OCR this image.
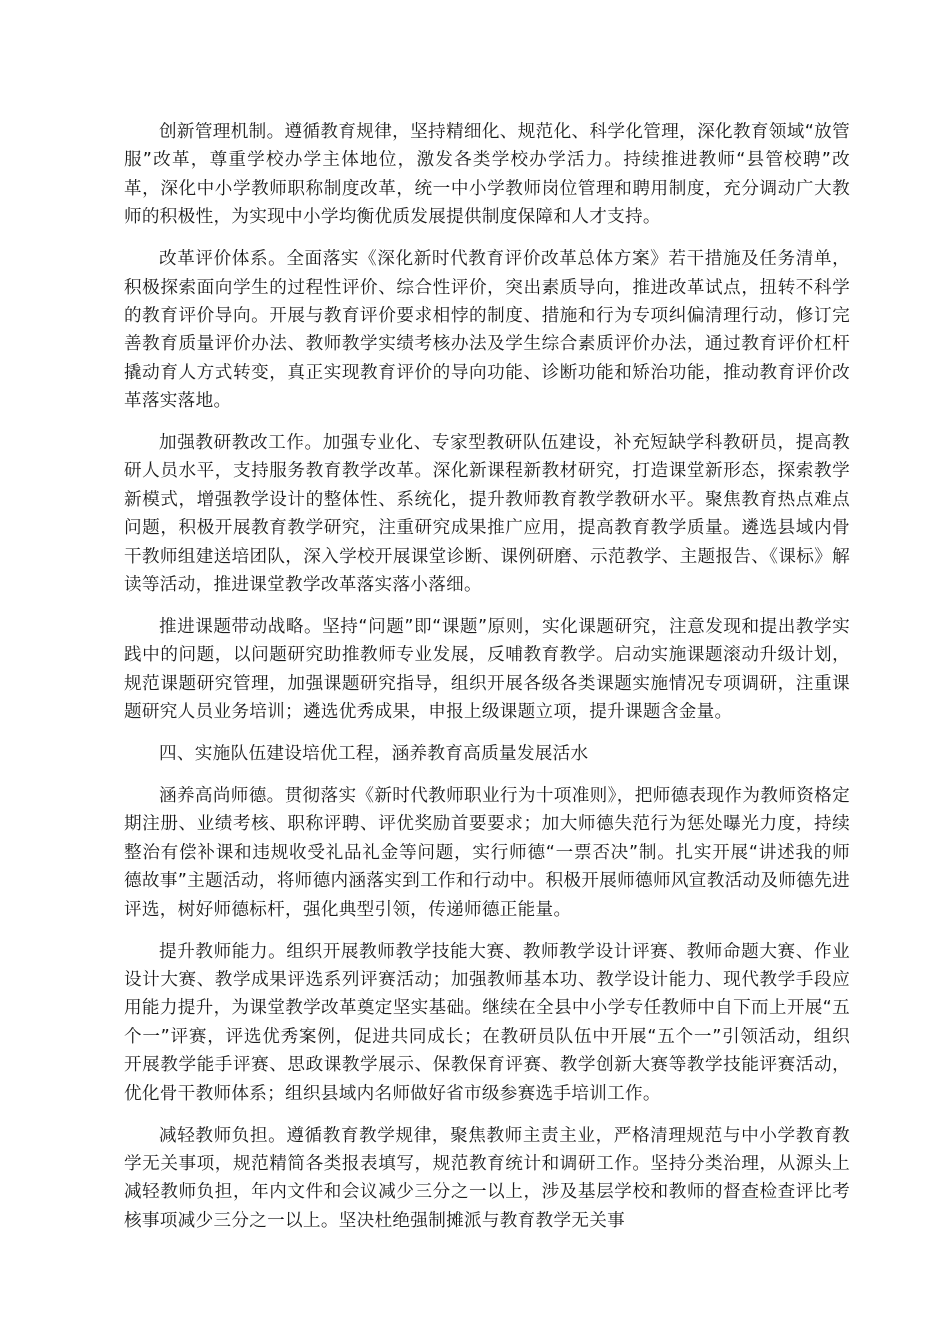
创新管理机制。遵循教育规律，坚持精细化、规范化、科学化管理，深化教育领域“放管服”改革，尊重学校办学主体地位，激发各类学校办学活力。持续推进教师“县管校聘”改革，深化中小学教师职称制度改革，统一中小学教师岗位管理和聘用制度，充分调动广大教师的积极性，为实现中小学均衡优质发展提供制度保障和人才支持。

改革评价体系。全面落实《深化新时代教育评价改革总体方案》若干措施及任务清单，积极探索面向学生的过程性评价、综合性评价，突出素质导向，推进改革试点，扭转不科学的教育评价导向。开展与教育评价要求相悖的制度、措施和行为专项纠偏清理行动，修订完善教育质量评价办法、教师教学实绩考核办法及学生综合素质评价办法，通过教育评价杠杆撬动育人方式转变，真正实现教育评价的导向功能、诊断功能和矫治功能，推动教育评价改革落实落地。

加强教研教改工作。加强专业化、专家型教研队伍建设，补充短缺学科教研员，提高教研人员水平，支持服务教育教学改革。深化新课程新教材研究，打造课堂新形态，探索教学新模式，增强教学设计的整体性、系统化，提升教师教育教学教研水平。聚焦教育热点难点问题，积极开展教育教学研究，注重研究成果推广应用，提高教育教学质量。遴选县域内骨干教师组建送培团队，深入学校开展课堂诊断、课例研磨、示范教学、主题报告、《课标》解读等活动，推进课堂教学改革落实落小落细。

推进课题带动战略。坚持“问题”即“课题”原则，实化课题研究，注意发现和提出教学实践中的问题，以问题研究助推教师专业发展，反哺教育教学。启动实施课题滚动升级计划，规范课题研究管理，加强课题研究指导，组织开展各级各类课题实施情况专项调研，注重课题研究人员业务培训；遴选优秀成果，申报上级课题立项，提升课题含金量。

四、实施队伍建设培优工程，涵养教育高质量发展活水

涵养高尚师德。贯彻落实《新时代教师职业行为十项准则》，把师德表现作为教师资格定期注册、业绩考核、职称评聘、评优奖励首要要求；加大师德失范行为惩处曝光力度，持续整治有偿补课和违规收受礼品礼金等问题，实行师德“一票否决”制。扎实开展“讲述我的师德故事”主题活动，将师德内涵落实到工作和行动中。积极开展师德师风宣教活动及师德先进评选，树好师德标杆，强化典型引领，传递师德正能量。

提升教师能力。组织开展教师教学技能大赛、教师教学设计评赛、教师命题大赛、作业设计大赛、教学成果评选系列评赛活动；加强教师基本功、教学设计能力、现代教学手段应用能力提升，为课堂教学改革奠定坚实基础。继续在全县中小学专任教师中自下而上开展“五个一”评赛，评选优秀案例，促进共同成长；在教研员队伍中开展“五个一”引领活动，组织开展教学能手评赛、思政课教学展示、保教保育评赛、教学创新大赛等教学技能评赛活动，优化骨干教师体系；组织县域内名师做好省市级参赛选手培训工作。

减轻教师负担。遵循教育教学规律，聚焦教师主责主业，严格清理规范与中小学教育教学无关事项，规范精简各类报表填写，规范教育统计和调研工作。坚持分类治理，从源头上减轻教师负担，年内文件和会议减少三分之一以上，涉及基层学校和教师的督查检查评比考核事项减少三分之一以上。坚决杜绝强制摊派与教育教学无关事
